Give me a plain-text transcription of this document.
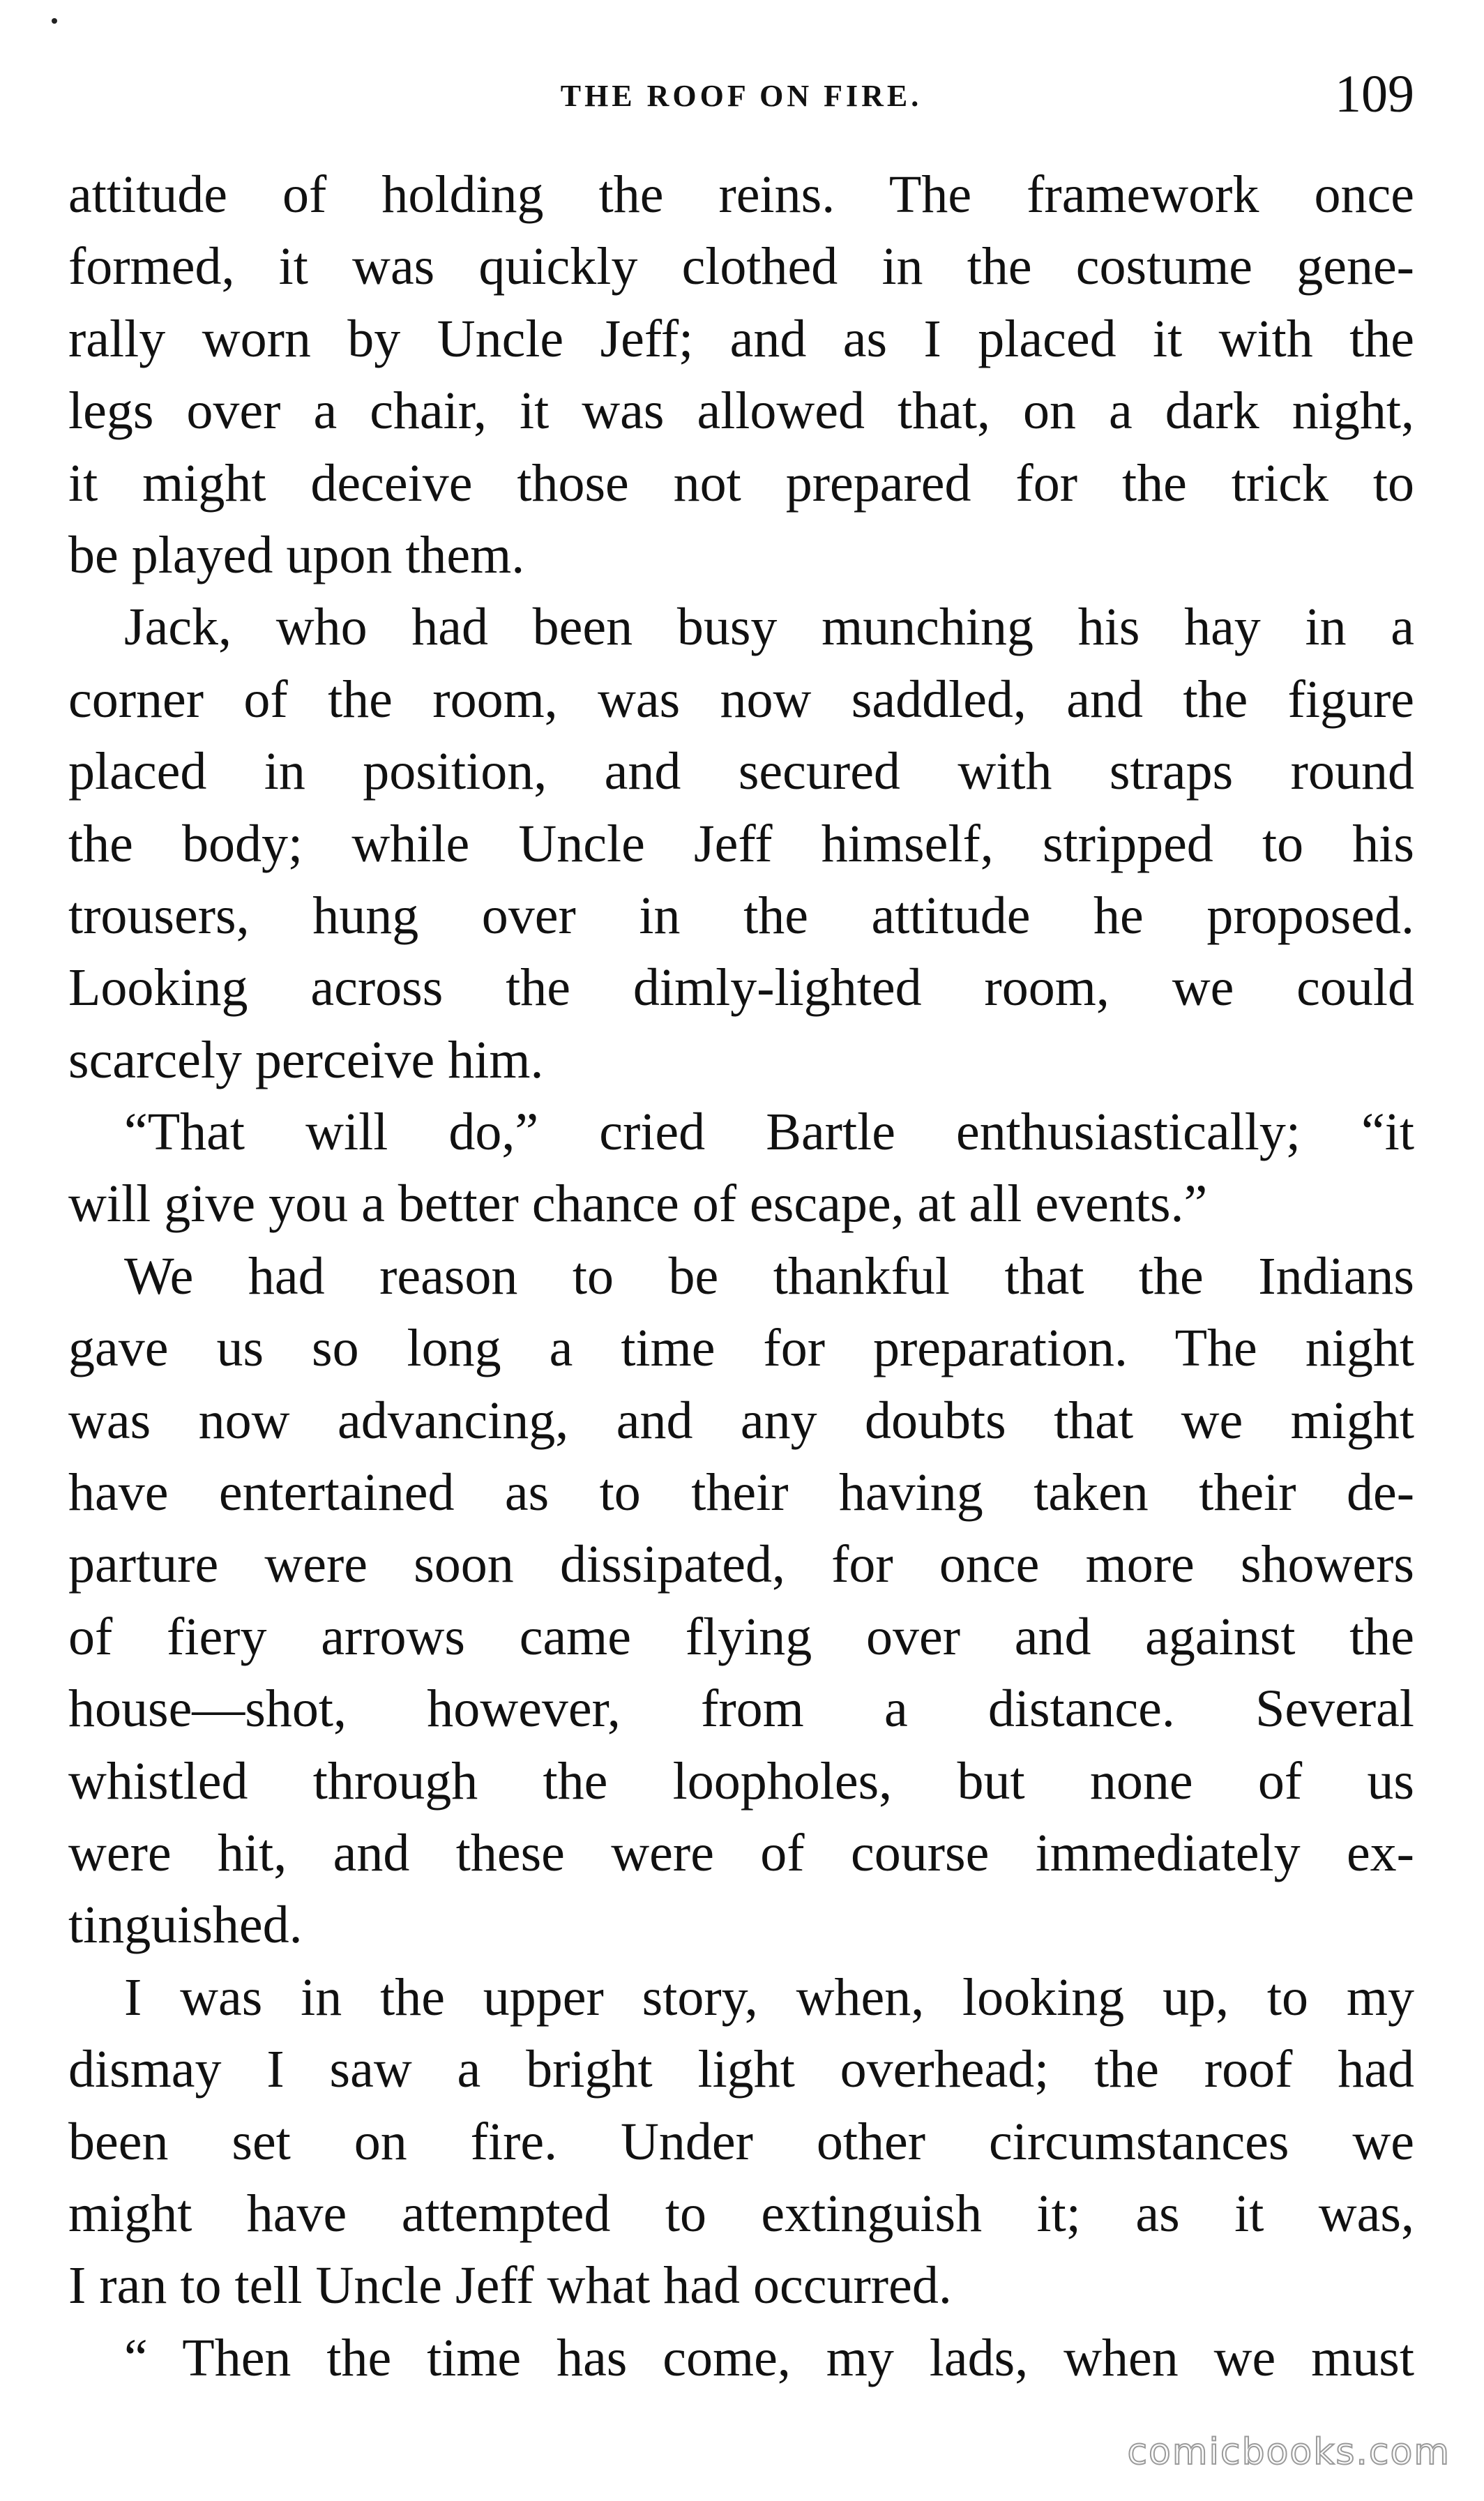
THE ROOF ON FIRE.	109
attitude of holding the reins. The framework once
formed, it was quickly clothed in the costume gene-
rally worn by Uncle Jeff; and as I placed it with the
legs over a chair, it was allowed that, on a dark night,
it might deceive those not prepared for the trick to
be played upon them.
Jack, who had been busy munching his hay in a
corner of the room, was now saddled, and the figure
placed in position, and secured with straps round
the body; while Uncle Jeff himself, stripped to his
trousers, hung over in the attitude he proposed.
Looking across the dimly-lighted room, we could
scarcely perceive him.
“That will do,” cried Bartle enthusiastically; “it
will give you a better chance of escape, at all events.”
We had reason to be thankful that the Indians
gave us so long a time for preparation. The night
was now advancing, and any doubts that we might
have entertained as to their having taken their de-
parture were soon dissipated, for once more showers
of fiery arrows came flying over and against the
house—shot, however, from a distance. Several
whistled through the loopholes, but none of us
were hit, and these were of course immediately ex-
tinguished.
I was in the upper story, when, looking up, to my
dismay I saw a bright light overhead; the roof had
been set on fire. Under other circumstances we
might have attempted to extinguish it; as it was,
I ran to tell Uncle Jeff what had occurred.
“ Then the time has come, my lads, when we must
comicbooks.com
